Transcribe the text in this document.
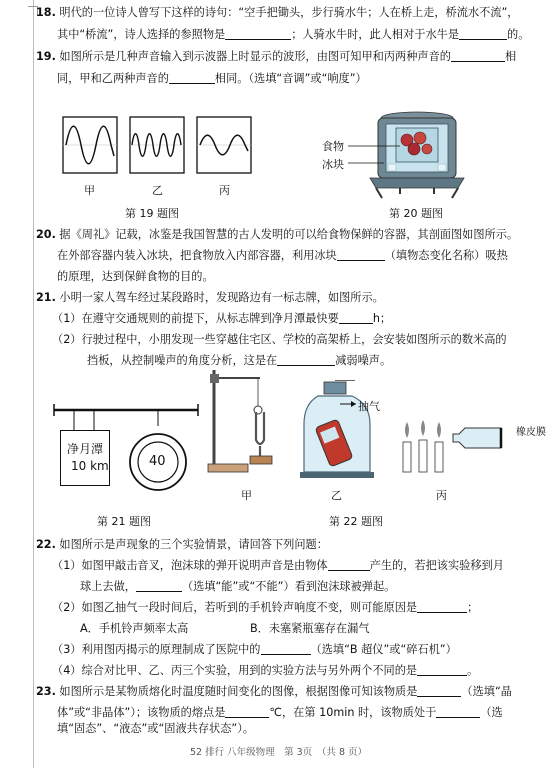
18. 明代的一位诗人曾写下这样的诗句：“空手把锄头，步行骑水牛；人在桥上走，桥流水不流”，
其中“桥流”，诗人选择的参照物是	；人骑水牛时，此人相对于水牛是	的。
19. 如图所示是几种声音输入到示波器上时显示的波形，由图可知甲和丙两种声音的	相
同，甲和乙两种声音的	相同。（选填“音调”或“响度”）
甲	乙	丙
第 19 题图
食物
冰块
第 20 题图
20. 据《周礼》记载，冰鉴是我国智慧的古人发明的可以给食物保鲜的容器，其剖面图如图所示。
在外部容器内装入冰块，把食物放入内部容器，利用冰块	（填物态变化名称）吸热
的原理，达到保鲜食物的目的。
21. 小明一家人驾车经过某段路时，发现路边有一标志牌，如图所示。
（1）在遵守交通规则的前提下，从标志牌到净月潭最快要	h；
（2）行驶过程中，小朋发现一些穿越住宅区、学校的高架桥上，会安装如图所示的数米高的
挡板，从控制噪声的角度分析，这是在	减弱噪声。
净月潭
10 km	40
第 21 题图
甲
抽气
乙
橡皮膜
丙
第 22 题图
22. 如图所示是声现象的三个实验情景，请回答下列问题：
（1）如图甲敲击音叉，泡沫球的弹开说明声音是由物体	产生的，若把该实验移到月
球上去做，	（选填“能”或“不能”）看到泡沫球被弹起。
（2）如图乙抽气一段时间后，若听到的手机铃声响度不变，则可能原因是	；
A．手机铃声频率太高	B．未塞紧瓶塞存在漏气
（3）利用图丙揭示的原理制成了医院中的	（选填“B 超仪”或“碎石机”）
（4）综合对比甲、乙、丙三个实验，用到的实验方法与另外两个不同的是	。
23. 如图所示是某物质熔化时温度随时间变化的图像，根据图像可知该物质是	（选填“晶
体”或“非晶体”）；该物质的熔点是	℃，在第 10min 时，该物质处于	（选
填“固态”、“液态”或“固液共存状态”）。
52 排行 八年级物理　第 3页　（共 8 页）
